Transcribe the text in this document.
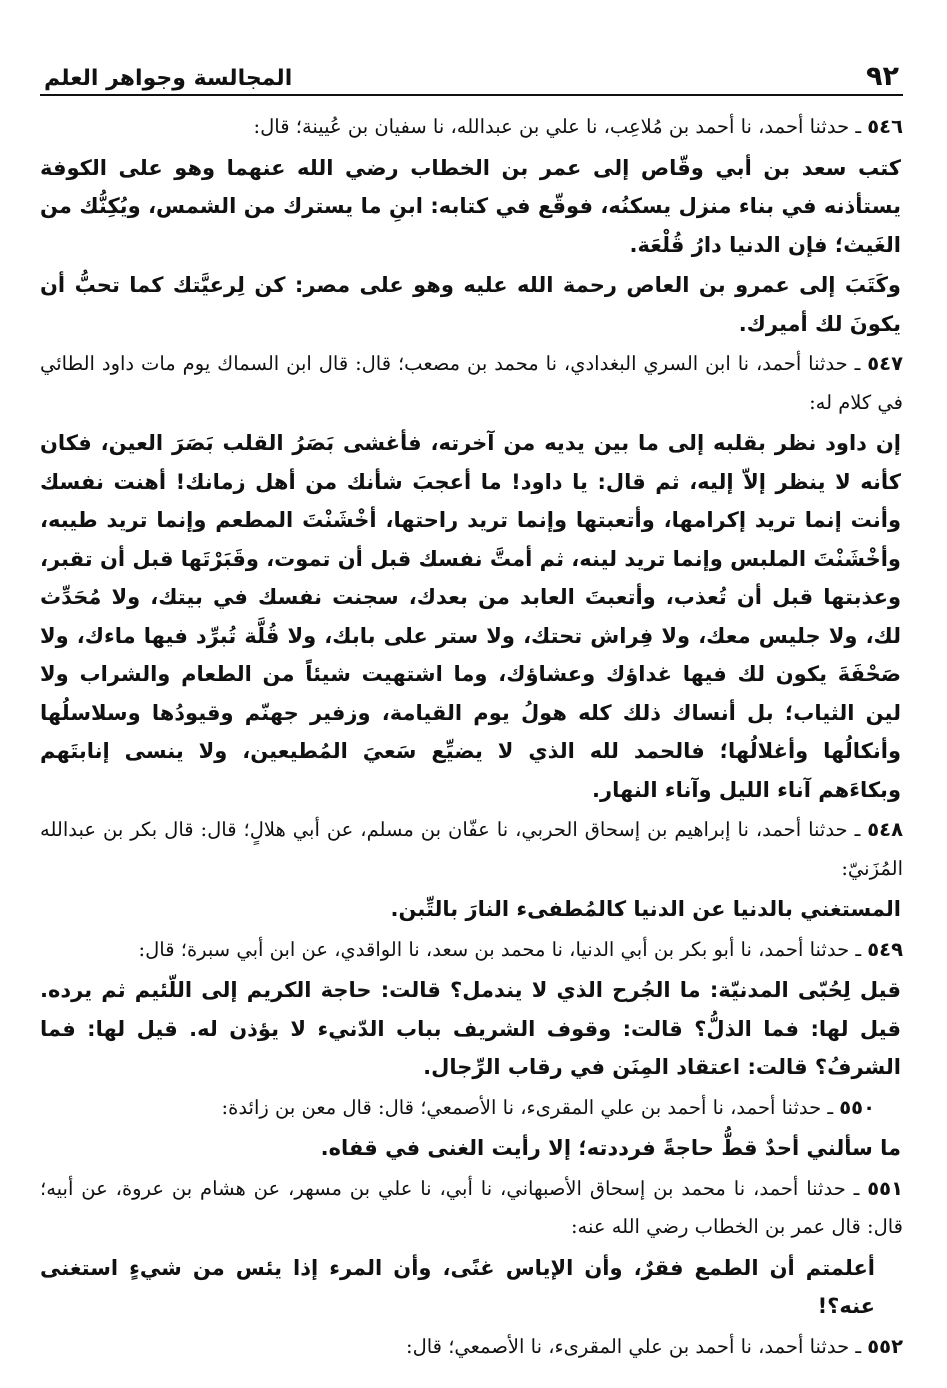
٩٢
المجالسة وجواهر العلم

٥٤٦ ـ حدثنا أحمد، نا أحمد بن مُلاعِب، نا علي بن عبدالله، نا سفيان بن عُيينة؛ قال:

كتب سعد بن أبي وقّاص إلى عمر بن الخطاب رضي الله عنهما وهو على الكوفة يستأذنه في بناء منزل يسكنُه، فوقّع في كتابه: ابنِ ما يسترك من الشمس، ويُكِنُّك من الغَيث؛ فإن الدنيا دارُ قُلْعَة.

وكَتَبَ إلى عمرو بن العاص رحمة الله عليه وهو على مصر: كن لِرعيَّتك كما تحبُّ أن يكونَ لك أميرك.

٥٤٧ ـ حدثنا أحمد، نا ابن السري البغدادي، نا محمد بن مصعب؛ قال: قال ابن السماك يوم مات داود الطائي في كلام له:

إن داود نظر بقلبه إلى ما بين يديه من آخرته، فأغشى بَصَرُ القلب بَصَرَ العين، فكان كأنه لا ينظر إلاّ إليه، ثم قال: يا داود! ما أعجبَ شأنك من أهل زمانك! أهنت نفسك وأنت إنما تريد إكرامها، وأتعبتها وإنما تريد راحتها، أخْشَنْتَ المطعم وإنما تريد طيبه، وأخْشَنْتَ الملبس وإنما تريد لينه، ثم أمتَّ نفسك قبل أن تموت، وقَبَرْتَها قبل أن تقبر، وعذبتها قبل أن تُعذب، وأتعبتَ العابد من بعدك، سجنت نفسك في بيتك، ولا مُحَدِّث لك، ولا جليس معك، ولا فِراش تحتك، ولا ستر على بابك، ولا قُلَّة تُبرِّد فيها ماءك، ولا صَحْفَةَ يكون لك فيها غداؤك وعشاؤك، وما اشتهيت شيئاً من الطعام والشراب ولا لين الثياب؛ بل أنساك ذلك كله هولُ يوم القيامة، وزفير جهنّم وقيودُها وسلاسلُها وأنكالُها وأغلالُها؛ فالحمد لله الذي لا يضيِّع سَعيَ المُطيعين، ولا ينسى إنابتَهم وبكاءَهم آناء الليل وآناء النهار.

٥٤٨ ـ حدثنا أحمد، نا إبراهيم بن إسحاق الحربي، نا عفّان بن مسلم، عن أبي هلالٍ؛ قال: قال بكر بن عبدالله المُزَنيّ:

المستغني بالدنيا عن الدنيا كالمُطفىء النارَ بالتِّبن.

٥٤٩ ـ حدثنا أحمد، نا أبو بكر بن أبي الدنيا، نا محمد بن سعد، نا الواقدي، عن ابن أبي سبرة؛ قال:

قيل لِحُبّى المدنيّة: ما الجُرح الذي لا يندمل؟ قالت: حاجة الكريم إلى اللّئيم ثم يرده. قيل لها: فما الذلُّ؟ قالت: وقوف الشريف بباب الدّنيء لا يؤذن له. قيل لها: فما الشرفُ؟ قالت: اعتقاد المِنَن في رقاب الرِّجال.

٥٥٠ ـ حدثنا أحمد، نا أحمد بن علي المقرىء، نا الأصمعي؛ قال: قال معن بن زائدة:

ما سألني أحدٌ قطُّ حاجةً فرددته؛ إلا رأيت الغنى في قفاه.

٥٥١ ـ حدثنا أحمد، نا محمد بن إسحاق الأصبهاني، نا أبي، نا علي بن مسهر، عن هشام بن عروة، عن أبيه؛ قال: قال عمر بن الخطاب رضي الله عنه:

أعلمتم أن الطمع فقرٌ، وأن الإياس غنًى، وأن المرء إذا يئس من شيءٍ استغنى عنه؟!

٥٥٢ ـ حدثنا أحمد، نا أحمد بن علي المقرىء، نا الأصمعي؛ قال:
